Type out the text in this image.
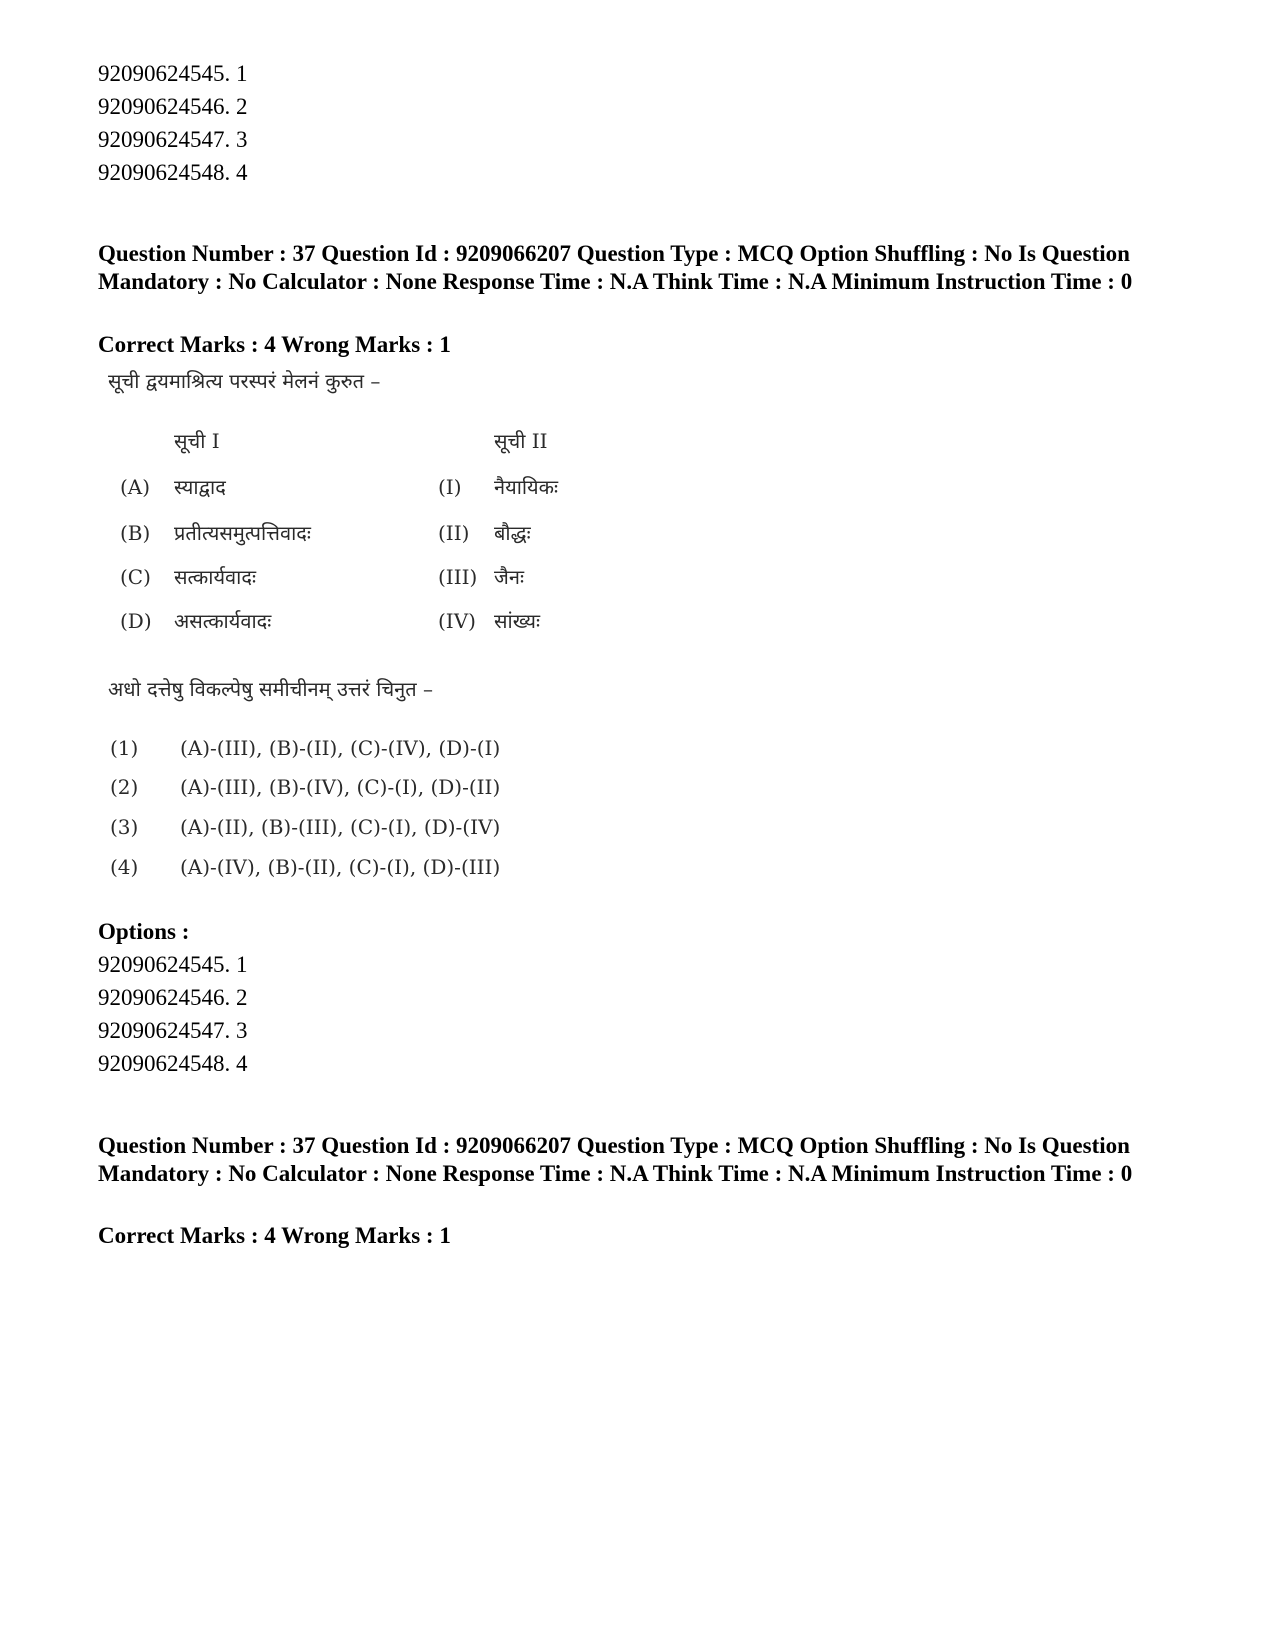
92090624545. 1
92090624546. 2
92090624547. 3
92090624548. 4
Question Number : 37 Question Id : 9209066207 Question Type : MCQ Option Shuffling : No Is Question Mandatory : No Calculator : None Response Time : N.A Think Time : N.A Minimum Instruction Time : 0
Correct Marks : 4 Wrong Marks : 1
सूची द्वयमाश्रित्य परस्परं मेलनं कुरुत –
सूची I	सूची II
(A) स्याद्वाद	(I) नैयायिकः
(B) प्रतीत्यसमुत्पत्तिवादः	(II) बौद्धः
(C) सत्कार्यवादः	(III) जैनः
(D) असत्कार्यवादः	(IV) सांख्यः
अधो दत्तेषु विकल्पेषु समीचीनम् उत्तरं चिनुत –
(1) (A)-(III), (B)-(II), (C)-(IV), (D)-(I)
(2) (A)-(III), (B)-(IV), (C)-(I), (D)-(II)
(3) (A)-(II), (B)-(III), (C)-(I), (D)-(IV)
(4) (A)-(IV), (B)-(II), (C)-(I), (D)-(III)
Options :
92090624545. 1
92090624546. 2
92090624547. 3
92090624548. 4
Question Number : 37 Question Id : 9209066207 Question Type : MCQ Option Shuffling : No Is Question Mandatory : No Calculator : None Response Time : N.A Think Time : N.A Minimum Instruction Time : 0
Correct Marks : 4 Wrong Marks : 1
